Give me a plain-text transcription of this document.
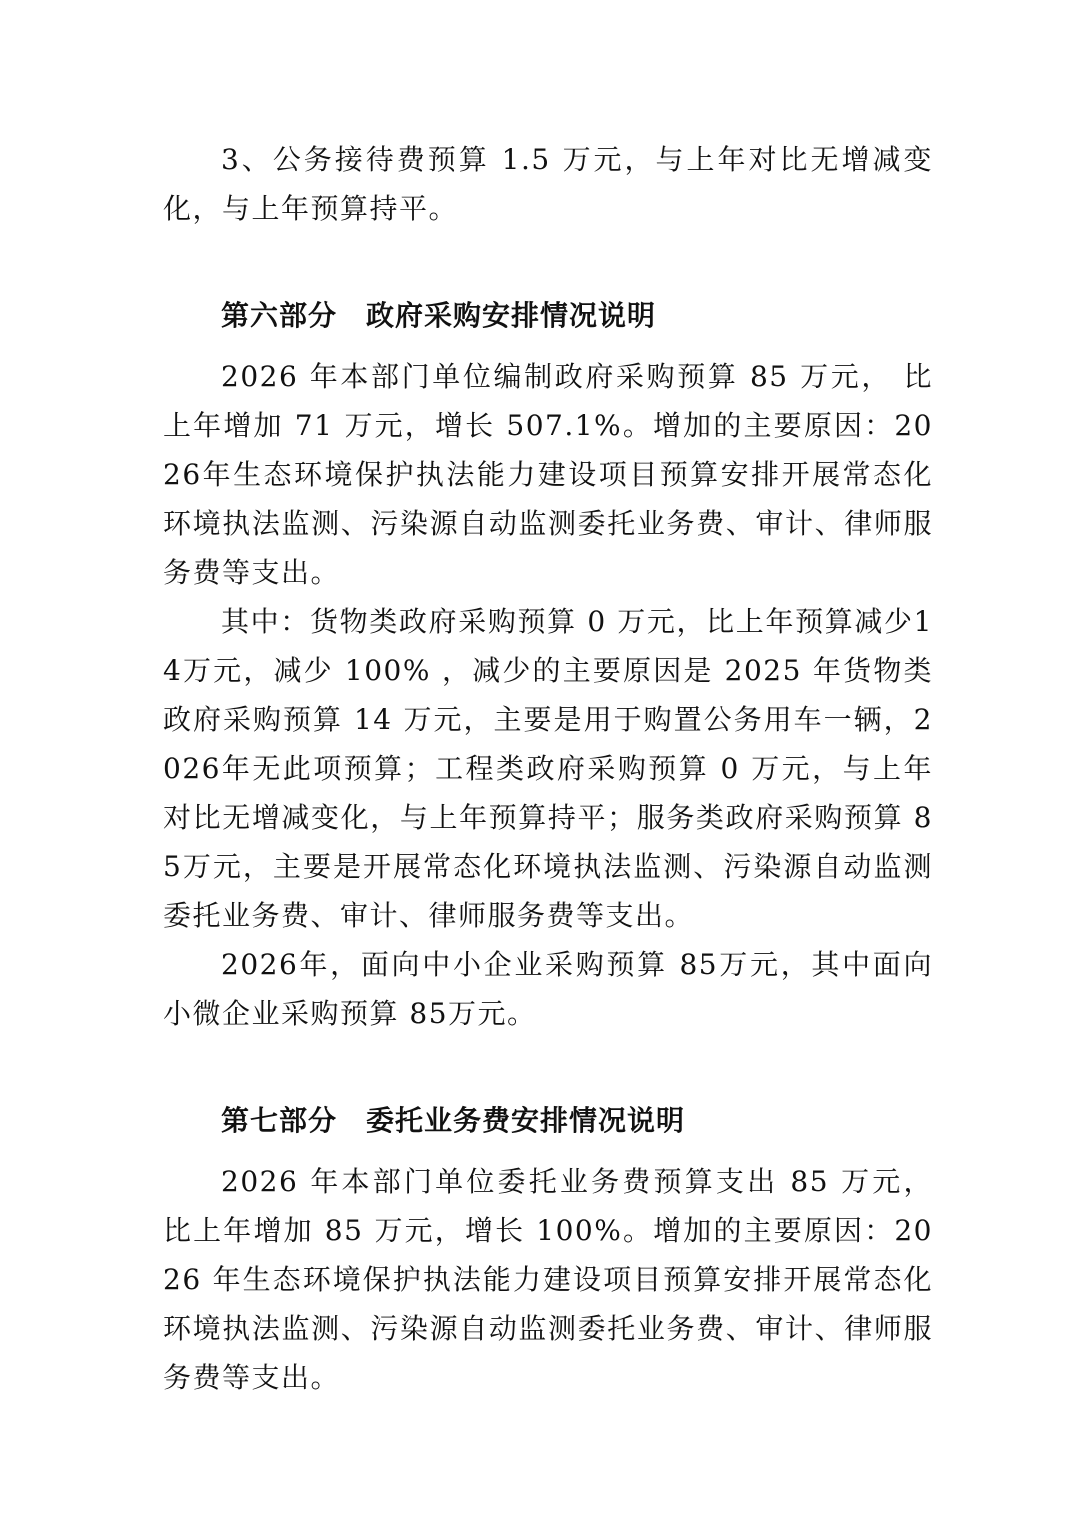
3、公务接待费预算 1.5 万元，与上年对比无增减变化，与上年预算持平。

第六部分　政府采购安排情况说明

2026 年本部门单位编制政府采购预算 85 万元， 比上年增加 71 万元，增长 507.1%。增加的主要原因：2026年生态环境保护执法能力建设项目预算安排开展常态化环境执法监测、污染源自动监测委托业务费、审计、律师服务费等支出。

其中：货物类政府采购预算 0 万元，比上年预算减少14万元，减少 100% ，减少的主要原因是 2025 年货物类政府采购预算 14 万元，主要是用于购置公务用车一辆，2026年无此项预算；工程类政府采购预算 0 万元，与上年对比无增减变化，与上年预算持平；服务类政府采购预算 85万元，主要是开展常态化环境执法监测、污染源自动监测委托业务费、审计、律师服务费等支出。

2026年，面向中小企业采购预算 85万元，其中面向小微企业采购预算 85万元。

第七部分　委托业务费安排情况说明

2026 年本部门单位委托业务费预算支出 85 万元， 比上年增加 85 万元，增长 100%。增加的主要原因：2026 年生态环境保护执法能力建设项目预算安排开展常态化环境执法监测、污染源自动监测委托业务费、审计、律师服务费等支出。
